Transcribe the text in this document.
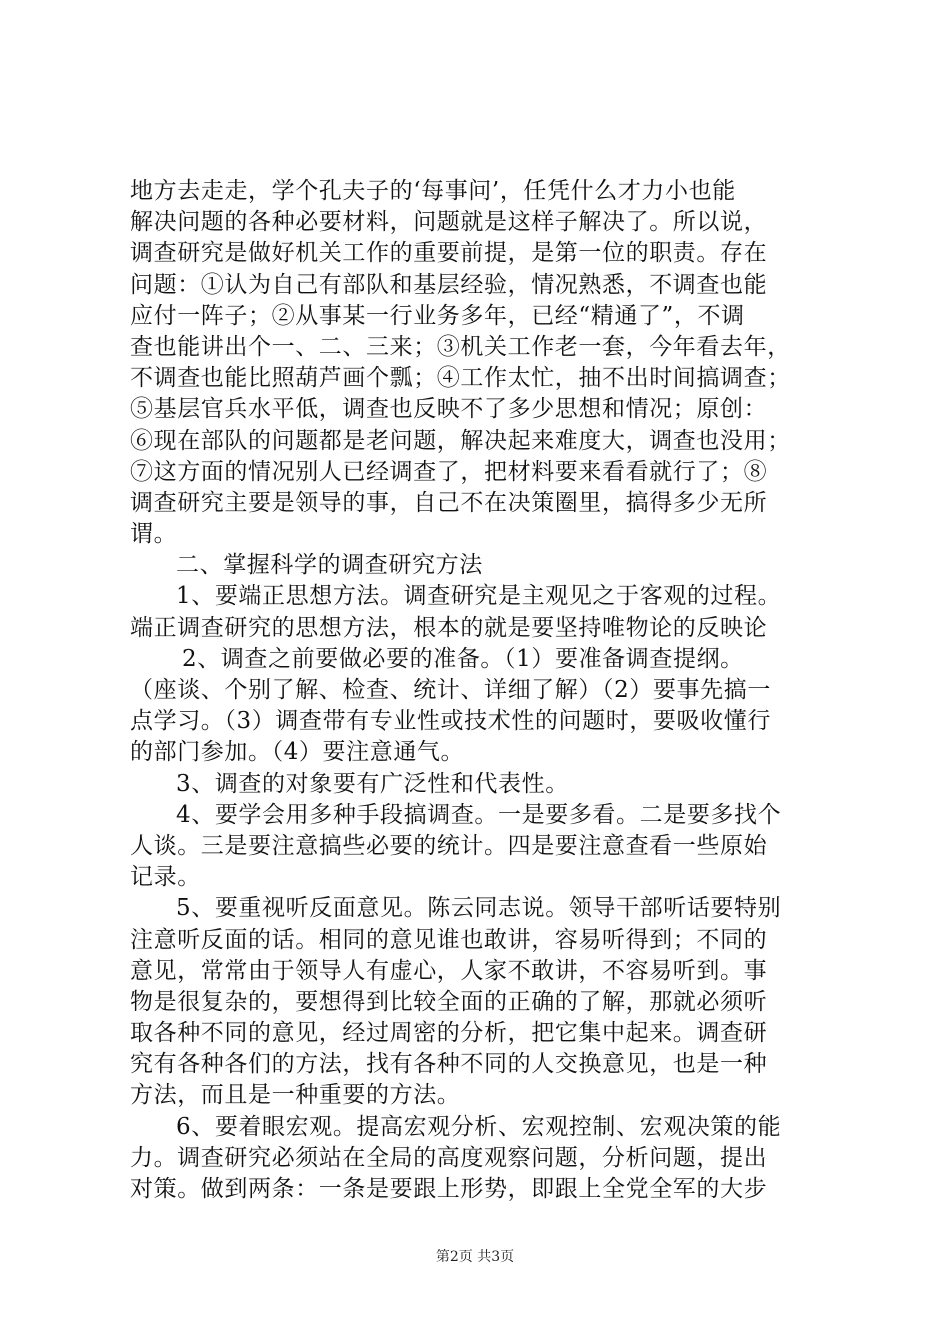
地方去走走，学个孔夫子的‘每事问’，任凭什么才力小也能
解决问题的各种必要材料，问题就是这样子解决了。所以说，
调查研究是做好机关工作的重要前提，是第一位的职责。存在
问题：①认为自己有部队和基层经验，情况熟悉，不调查也能
应付一阵子；②从事某一行业务多年，已经“精通了”，不调
查也能讲出个一、二、三来；③机关工作老一套，今年看去年，
不调查也能比照葫芦画个瓢；④工作太忙，抽不出时间搞调查；
⑤基层官兵水平低，调查也反映不了多少思想和情况；原创：
⑥现在部队的问题都是老问题，解决起来难度大，调查也没用；
⑦这方面的情况别人已经调查了，把材料要来看看就行了；⑧
调查研究主要是领导的事，自己不在决策圈里，搞得多少无所
谓。
二、掌握科学的调查研究方法
1、要端正思想方法。调查研究是主观见之于客观的过程。
端正调查研究的思想方法，根本的就是要坚持唯物论的反映论
2、调查之前要做必要的准备。（1）要准备调查提纲。
（座谈、个别了解、检查、统计、详细了解）（2）要事先搞一
点学习。（3）调查带有专业性或技术性的问题时，要吸收懂行
的部门参加。（4）要注意通气。
3、调查的对象要有广泛性和代表性。
4、要学会用多种手段搞调查。一是要多看。二是要多找个
人谈。三是要注意搞些必要的统计。四是要注意查看一些原始
记录。
5、要重视听反面意见。陈云同志说。领导干部听话要特别
注意听反面的话。相同的意见谁也敢讲，容易听得到；不同的
意见，常常由于领导人有虚心，人家不敢讲，不容易听到。事
物是很复杂的，要想得到比较全面的正确的了解，那就必须听
取各种不同的意见，经过周密的分析，把它集中起来。调查研
究有各种各们的方法，找有各种不同的人交换意见，也是一种
方法，而且是一种重要的方法。
6、要着眼宏观。提高宏观分析、宏观控制、宏观决策的能
力。调查研究必须站在全局的高度观察问题，分析问题，提出
对策。做到两条：一条是要跟上形势，即跟上全党全军的大步
第2页 共3页
